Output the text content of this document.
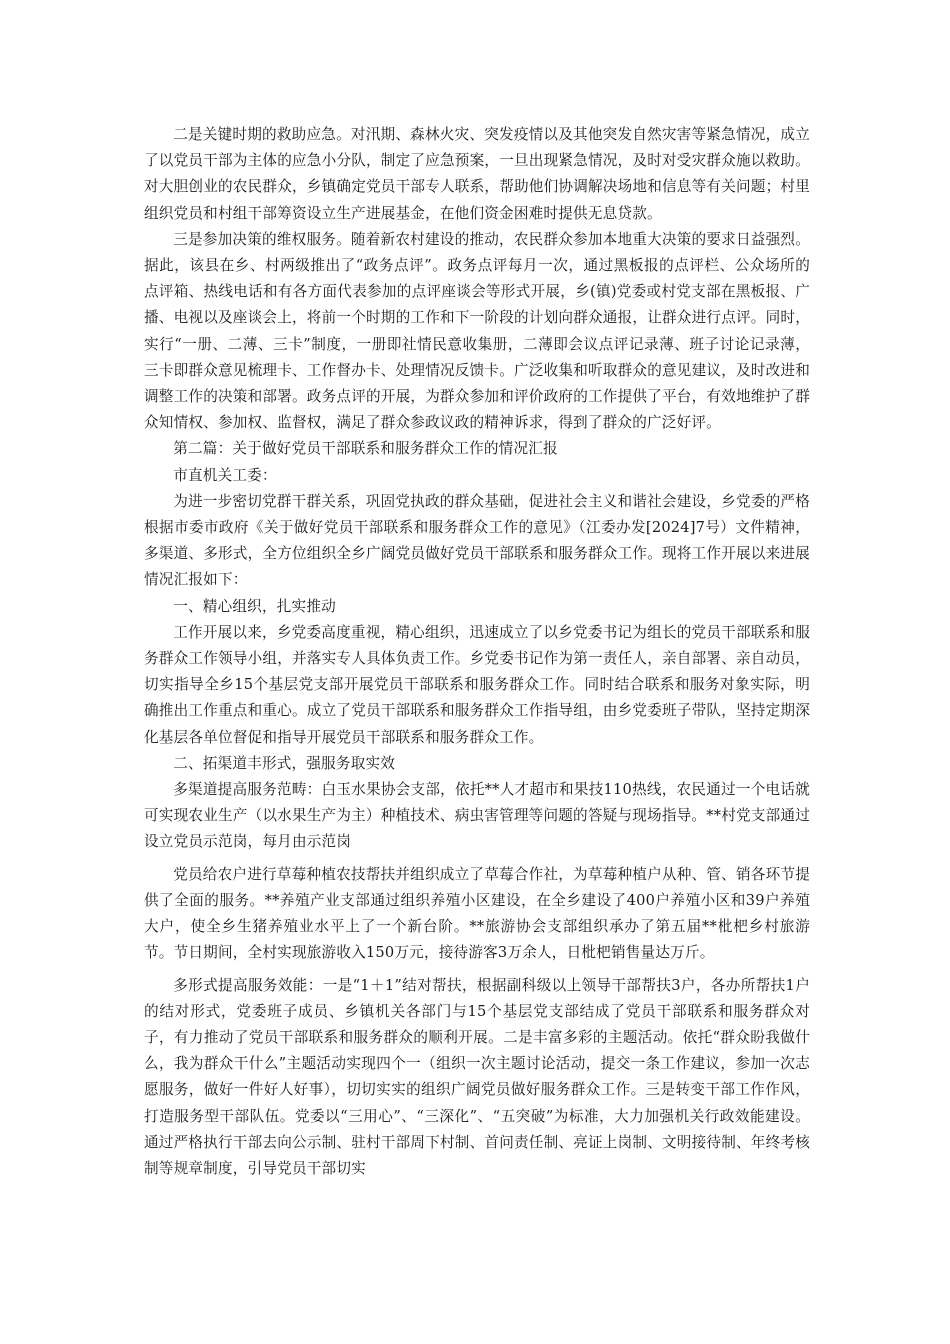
二是关键时期的救助应急。对汛期、森林火灾、突发疫情以及其他突发自然灾害等紧急情况，成立了以党员干部为主体的应急小分队，制定了应急预案，一旦出现紧急情况，及时对受灾群众施以救助。对大胆创业的农民群众，乡镇确定党员干部专人联系，帮助他们协调解决场地和信息等有关问题；村里组织党员和村组干部筹资设立生产进展基金，在他们资金困难时提供无息贷款。

三是参加决策的维权服务。随着新农村建设的推动，农民群众参加本地重大决策的要求日益强烈。据此，该县在乡、村两级推出了“政务点评”。政务点评每月一次，通过黑板报的点评栏、公众场所的点评箱、热线电话和有各方面代表参加的点评座谈会等形式开展，乡(镇)党委或村党支部在黑板报、广播、电视以及座谈会上，将前一个时期的工作和下一阶段的计划向群众通报，让群众进行点评。同时，实行“一册、二薄、三卡”制度，一册即社情民意收集册，二薄即会议点评记录薄、班子讨论记录薄，三卡即群众意见梳理卡、工作督办卡、处理情况反馈卡。广泛收集和听取群众的意见建议，及时改进和调整工作的决策和部署。政务点评的开展，为群众参加和评价政府的工作提供了平台，有效地维护了群众知情权、参加权、监督权，满足了群众参政议政的精神诉求，得到了群众的广泛好评。

第二篇：关于做好党员干部联系和服务群众工作的情况汇报

市直机关工委：

为进一步密切党群干群关系，巩固党执政的群众基础，促进社会主义和谐社会建设，乡党委的严格根据市委市政府《关于做好党员干部联系和服务群众工作的意见》（江委办发[2024]7号）文件精神，多渠道、多形式，全方位组织全乡广阔党员做好党员干部联系和服务群众工作。现将工作开展以来进展情况汇报如下：

一、精心组织，扎实推动

工作开展以来，乡党委高度重视，精心组织，迅速成立了以乡党委书记为组长的党员干部联系和服务群众工作领导小组，并落实专人具体负责工作。乡党委书记作为第一责任人，亲自部署、亲自动员，切实指导全乡15个基层党支部开展党员干部联系和服务群众工作。同时结合联系和服务对象实际，明确推出工作重点和重心。成立了党员干部联系和服务群众工作指导组，由乡党委班子带队，坚持定期深化基层各单位督促和指导开展党员干部联系和服务群众工作。

二、拓渠道丰形式，强服务取实效

多渠道提高服务范畴：白玉水果协会支部，依托**人才超市和果技110热线，农民通过一个电话就可实现农业生产（以水果生产为主）种植技术、病虫害管理等问题的答疑与现场指导。**村党支部通过设立党员示范岗，每月由示范岗

党员给农户进行草莓种植农技帮扶并组织成立了草莓合作社，为草莓种植户从种、管、销各环节提供了全面的服务。**养殖产业支部通过组织养殖小区建设，在全乡建设了400户养殖小区和39户养殖大户，使全乡生猪养殖业水平上了一个新台阶。**旅游协会支部组织承办了第五届**枇杷乡村旅游节。节日期间，全村实现旅游收入150万元，接待游客3万余人，日枇杷销售量达万斤。

多形式提高服务效能：一是“1＋1”结对帮扶，根据副科级以上领导干部帮扶3户，各办所帮扶1户的结对形式，党委班子成员、乡镇机关各部门与15个基层党支部结成了党员干部联系和服务群众对子，有力推动了党员干部联系和服务群众的顺利开展。二是丰富多彩的主题活动。依托“群众盼我做什么，我为群众干什么”主题活动实现四个一（组织一次主题讨论活动，提交一条工作建议，参加一次志愿服务，做好一件好人好事），切切实实的组织广阔党员做好服务群众工作。三是转变干部工作作风，打造服务型干部队伍。党委以“三用心”、“三深化”、“五突破”为标准，大力加强机关行政效能建设。通过严格执行干部去向公示制、驻村干部周下村制、首问责任制、亮证上岗制、文明接待制、年终考核制等规章制度，引导党员干部切实
